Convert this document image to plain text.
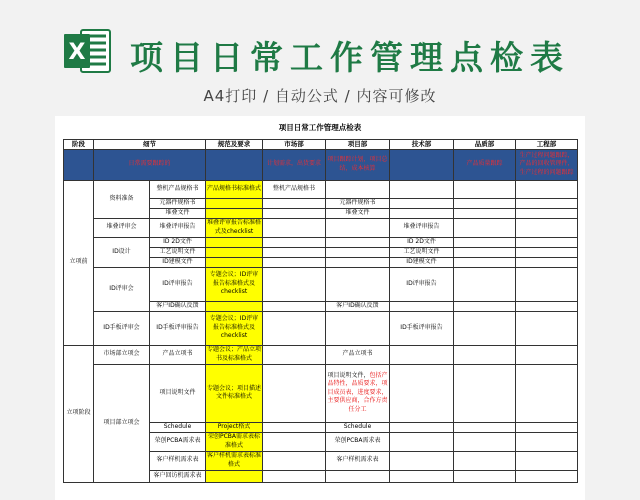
X 项目日常工作管理点检表
A4打印 / 自动公式 / 内容可修改
项目日常工作管理点检表
阶段	细节		规范及要求	市场部	项目部	技术部	品质部	工程部
	日常需要跟踪的			计划需求，出货要求	项目跟踪计划，项目总结，成本核算		产品质量跟踪	生产过程问题跟踪，产品的回收管理件，生产过程的问题跟踪
立项前	资料准备	整机产品规格书	产品规格书标准格式	整机产品规格书				
		元器件规格书			元器件规格书			
		堆叠文件			堆叠文件			
	堆叠评审会	堆叠评审报告	堆叠评审报告标准格式及checklist			堆叠评审报告		
	ID设计	ID 2D文件				ID 2D文件		
		工艺说明文件				工艺说明文件		
		ID建模文件				ID建模文件		
	ID评审会	ID评审报告	专题会议；ID评审报告标准格式及checklist			ID评审报告		
		客户ID确认反馈			客户ID确认反馈			
	ID手板评审会	ID手板评审报告	专题会议；ID评审报告标准格式及checklist			ID手板评审报告		
立项阶段	市场部立项会	产品立项书	专题会议；产品立项书及标准格式		产品立项书			
	项目部立项会	项目说明文件	专题会议；项目描述文件标准格式		项目说明文件，包括产品特性，品质要求，项目成员表，进度要求，主要供应商，合作方责任分工			
		Schedule	Project格式		Schedule			
		荣创PCBA需求表	荣创PCBA需求表标准格式		荣创PCBA需求表			
		客户样机需求表	客户样机需求表标准格式		客户样机需求表			
		客户回访机需求表						
